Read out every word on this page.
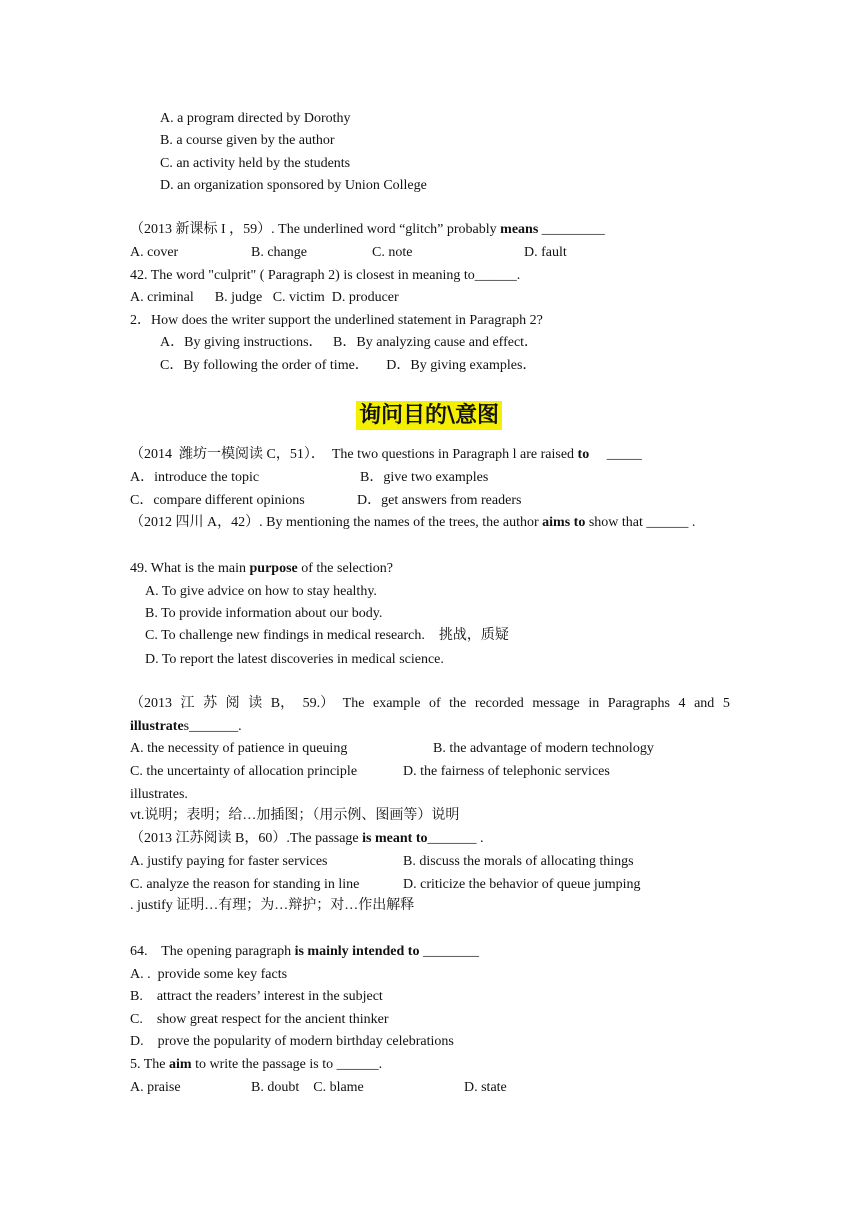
A. a program directed by Dorothy
B. a course given by the author
C. an activity held by the students
D. an organization sponsored by Union College
（2013 新课标 I ，59）. The underlined word “glitch” probably means _________
A. cover	B. change	C. note	D. fault
42. The word "culprit" ( Paragraph 2) is closest in meaning to______.
A. criminal      B. judge   C. victim  D. producer
2．How does the writer support the underlined statement in Paragraph 2?
A．By giving instructions．   B．By analyzing cause and effect．
C．By following the order of time．     D．By giving examples．
询问目的\意图
（2014  潍坊一模阅读 C，51）．  The two questions in Paragraph l are raised to     _____
A．introduce the topic	B．give two examples
C．compare different opinions	D．get answers from readers
（2012 四川 A，42）. By mentioning the names of the trees, the author aims to show that ______ .
49. What is the main purpose of the selection?
A. To give advice on how to stay healthy.
B. To provide information about our body.
C. To challenge new findings in medical research.    挑战，质疑
D. To report the latest discoveries in medical science.
（2013 江 苏 阅 读 B， 59.） The example of the recorded message in Paragraphs 4 and 5
illustrates_______.
A. the necessity of patience in queuing	B. the advantage of modern technology
C. the uncertainty of allocation principle	D. the fairness of telephonic services
illustrates.
vt.说明；表明；给…加插图；（用示例、图画等）说明
（2013 江苏阅读 B，60）.The passage is meant to_______ .
A. justify paying for faster services	B. discuss the morals of allocating things
C. analyze the reason for standing in line	D. criticize the behavior of queue jumping
. justify 证明…有理；为…辩护；对…作出解释
64.    The opening paragraph is mainly intended to ________
A. .  provide some key facts
B.    attract the readers’ interest in the subject
C.    show great respect for the ancient thinker
D.    prove the popularity of modern birthday celebrations
5. The aim to write the passage is to ______.
A. praise	B. doubt    C. blame	D. state
